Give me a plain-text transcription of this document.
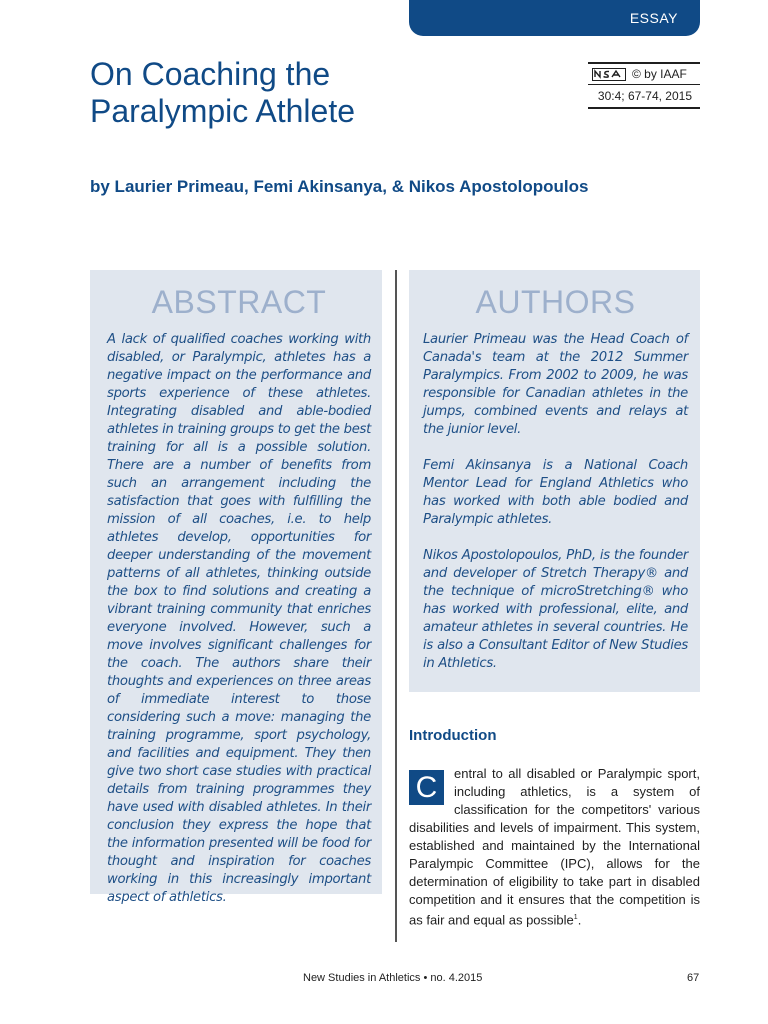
ESSAY
On Coaching the
Paralympic Athlete
© by IAAF
30:4; 67-74, 2015
by Laurier Primeau, Femi Akinsanya, & Nikos Apostolopoulos
ABSTRACT

A lack of qualified coaches working with disabled, or Paralympic, athletes has a negative impact on the performance and sports experience of these athletes. Integrating disabled and able-bodied athletes in training groups to get the best training for all is a possible solution. There are a number of benefits from such an arrangement including the satisfaction that goes with fulfilling the mission of all coaches, i.e. to help athletes develop, opportunities for deeper understanding of the movement patterns of all athletes, thinking outside the box to find solutions and creating a vibrant training community that enriches everyone involved. However, such a move involves significant challenges for the coach. The authors share their thoughts and experiences on three areas of immediate interest to those considering such a move: managing the training programme, sport psychology, and facilities and equipment. They then give two short case studies with practical details from training programmes they have used with disabled athletes. In their conclusion they express the hope that the information presented will be food for thought and inspiration for coaches working in this increasingly important aspect of athletics.

AUTHORS

Laurier Primeau was the Head Coach of Canada's team at the 2012 Summer Paralympics. From 2002 to 2009, he was responsible for Canadian athletes in the jumps, combined events and relays at the junior level.

Femi Akinsanya is a National Coach Mentor Lead for England Athletics who has worked with both able bodied and Paralympic athletes.

Nikos Apostolopoulos, PhD, is the founder and developer of Stretch Therapy® and the technique of microStretching® who has worked with professional, elite, and amateur athletes in several countries. He is also a Consultant Editor of New Studies in Athletics.

Introduction

C	entral to all disabled or Paralympic sport, including athletics, is a system of classification for the competitors' various disabilities and levels of impairment. This system, established and maintained by the International Paralympic Committee (IPC), allows for the determination of eligibility to take part in disabled competition and it ensures that the competition is as fair and equal as possible$^1$.

New Studies in Athletics • no. 4.2015	67
